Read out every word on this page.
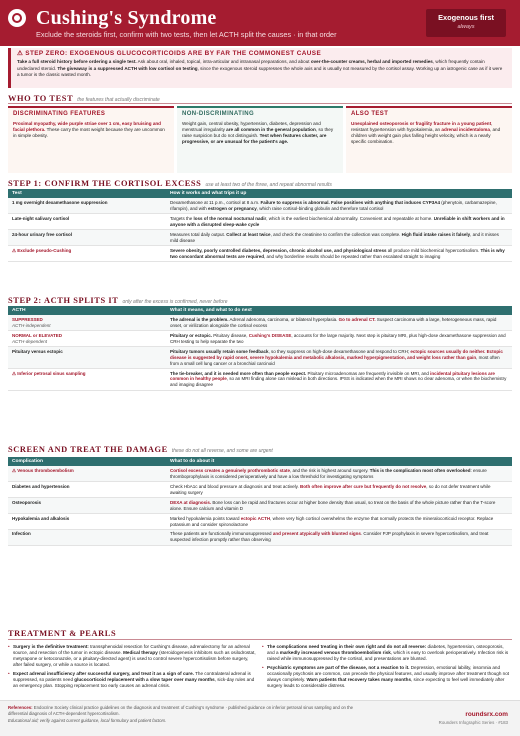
Cushing's Syndrome
Exclude the steroids first, confirm with two tests, then let ACTH split the causes · in that order
Exogenous first
always
⚠ STEP ZERO: EXOGENOUS GLUCOCORTICOIDS ARE BY FAR THE COMMONEST CAUSE

Take a full steroid history before ordering a single test. Ask about oral, inhaled, topical, intra-articular and intranasal preparations, and about over-the-counter creams, herbal and imported remedies, which frequently contain undeclared steroid. The giveaway is a suppressed ACTH with low cortisol on testing, since the exogenous steroid suppresses the whole axis and is usually not measured by the cortisol assay. Working up an iatrogenic case as if it were a tumor is the classic wasted month.

WHO TO TEST the features that actually discriminate
DISCRIMINATING FEATURES

Proximal myopathy, wide purple striae over 1 cm, easy bruising and facial plethora. These carry the most weight because they are uncommon in simple obesity.

NON-DISCRIMINATING

Weight gain, central obesity, hypertension, diabetes, depression and menstrual irregularity are all common in the general population, so they raise suspicion but do not distinguish. Test when features cluster, are progressive, or are unusual for the patient's age.

ALSO TEST

Unexplained osteoporosis or fragility fracture in a young patient, resistant hypertension with hypokalemia, an adrenal incidentaloma, and children with weight gain plus falling height velocity, which is a nearly specific combination.

STEP 1: CONFIRM THE CORTISOL EXCESS use at least two of the three, and repeat abnormal results
Test	How it works and what trips it up
1 mg overnight dexamethasone suppression	Dexamethasone at 11 p.m., cortisol at 8 a.m. Failure to suppress is abnormal. False positives with anything that induces CYP3A4 (phenytoin, carbamazepine, rifampin), and with estrogen or pregnancy, which raise cortisol-binding globulin and therefore total cortisol
Late-night salivary cortisol	Targets the loss of the normal nocturnal nadir, which is the earliest biochemical abnormality. Convenient and repeatable at home. Unreliable in shift workers and in anyone with a disrupted sleep-wake cycle
24-hour urinary free cortisol	Measures total daily output. Collect at least twice, and check the creatinine to confirm the collection was complete. High fluid intake raises it falsely, and it misses mild disease
⚠ Exclude pseudo-Cushing	Severe obesity, poorly controlled diabetes, depression, chronic alcohol use, and physiological stress all produce mild biochemical hypercortisolism. This is why two concordant abnormal tests are required, and why borderline results should be repeated rather than escalated straight to imaging
STEP 2: ACTH SPLITS IT only after the excess is confirmed, never before
ACTH	What it means, and what to do next
SUPPRESSED
ACTH-independent	The adrenal is the problem. Adrenal adenoma, carcinoma, or bilateral hyperplasia. Go to adrenal CT. Suspect carcinoma with a large, heterogeneous mass, rapid onset, or virilization alongside the cortisol excess
NORMAL or ELEVATED
ACTH-dependent	Pituitary or ectopic. Pituitary disease, Cushing's DISEASE, accounts for the large majority. Next step is pituitary MRI, plus high-dose dexamethasone suppression and CRH testing to help separate the two
Pituitary versus ectopic	Pituitary tumors usually retain some feedback, so they suppress on high-dose dexamethasone and respond to CRH; ectopic sources usually do neither. Ectopic disease is suggested by rapid onset, severe hypokalemia and metabolic alkalosis, marked hyperpigmentation, and weight loss rather than gain, most often from a small cell lung cancer or a bronchial carcinoid
⚠ Inferior petrosal sinus sampling	The tie-breaker, and it is needed more often than people expect. Pituitary microadenomas are frequently invisible on MRI, and incidental pituitary lesions are common in healthy people, so an MRI finding alone can mislead in both directions. IPSS is indicated when the MRI shows no clear adenoma, or when the biochemistry and imaging disagree
SCREEN AND TREAT THE DAMAGE these do not all reverse, and some are urgent
Complication	What to do about it
⚠ Venous thromboembolism	Cortisol excess creates a genuinely prothrombotic state, and the risk is highest around surgery. This is the complication most often overlooked: ensure thromboprophylaxis is considered perioperatively and have a low threshold for investigating symptoms
Diabetes and hypertension	Check HbA1c and blood pressure at diagnosis and treat actively. Both often improve after cure but frequently do not resolve, so do not defer treatment while awaiting surgery
Osteoporosis	DEXA at diagnosis. Bone loss can be rapid and fractures occur at higher bone density than usual, so treat on the basis of the whole picture rather than the T-score alone. Ensure calcium and vitamin D
Hypokalemia and alkalosis	Marked hypokalemia points toward ectopic ACTH, where very high cortisol overwhelms the enzyme that normally protects the mineralocorticoid receptor. Replace potassium and consider spironolactone
Infection	These patients are functionally immunosuppressed and present atypically with blunted signs. Consider PJP prophylaxis in severe hypercortisolism, and treat suspected infection promptly rather than observing
TREATMENT & PEARLS
• Surgery is the definitive treatment: transsphenoidal resection for Cushing's disease, adrenalectomy for an adrenal source, and resection of the tumor in ectopic disease. Medical therapy (steroidogenesis inhibitors such as osilodrostat, metyrapone or ketoconazole, or a pituitary-directed agent) is used to control severe hypercortisolism before surgery, after failed surgery, or while a source is located.
• Expect adrenal insufficiency after successful surgery, and treat it as a sign of cure. The contralateral adrenal is suppressed, so patients need glucocorticoid replacement with a slow taper over many months, sick-day rules and an emergency plan. Stopping replacement too early causes an adrenal crisis.
• The complications need treating in their own right and do not all reverse: diabetes, hypertension, osteoporosis, and a markedly increased venous thromboembolism risk, which is easy to overlook perioperatively. Infection risk is raised while immunosuppressed by the cortisol, and presentations are blunted.
• Psychiatric symptoms are part of the disease, not a reaction to it. Depression, emotional lability, insomnia and occasionally psychosis are common, can precede the physical features, and usually improve after treatment though not always completely. Warn patients that recovery takes many months, since expecting to feel well immediately after surgery leads to considerable distress.
References: Endocrine Society clinical practice guidelines on the diagnosis and treatment of Cushing's syndrome · published guidance on inferior petrosal sinus sampling and on the differential diagnosis of ACTH-dependent hypercortisolism.
Educational aid; verify against current guidance, local formulary and patient factors.
roundsrx.com
Rounders Infographic Series · #183
